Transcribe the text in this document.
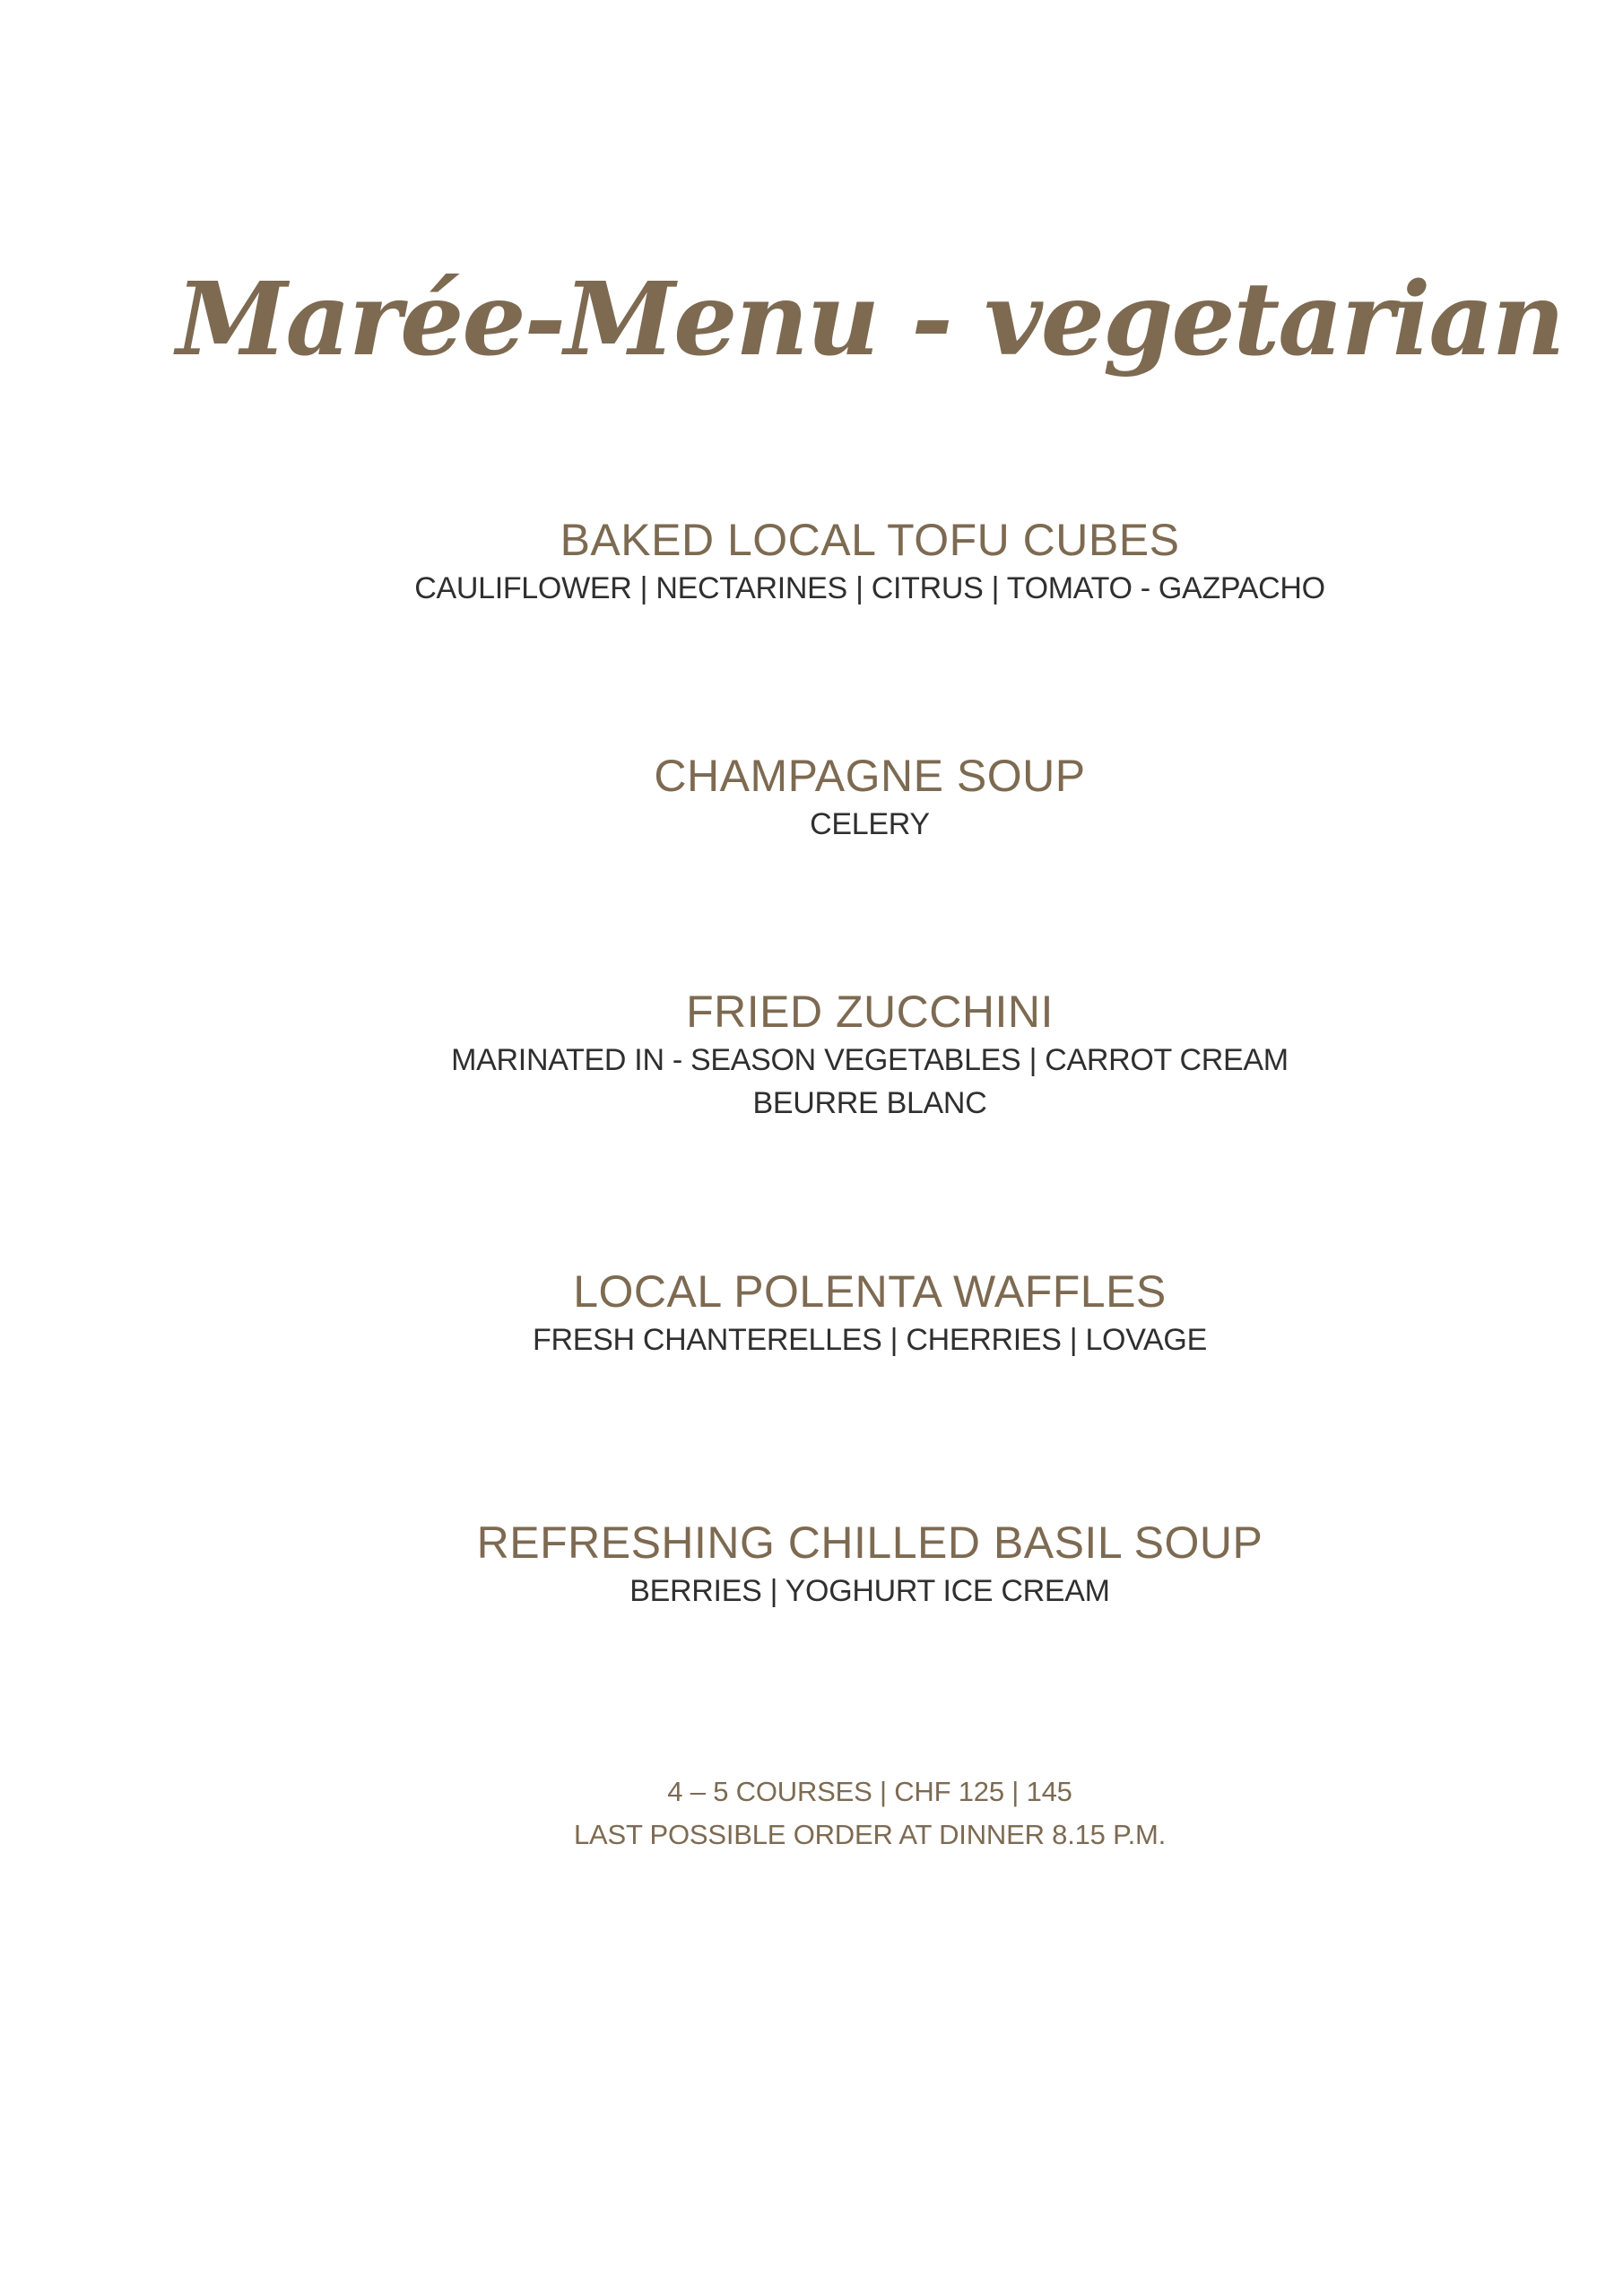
Marée-Menu - vegetarian

BAKED LOCAL TOFU CUBES

CAULIFLOWER | NECTARINES | CITRUS | TOMATO - GAZPACHO

CHAMPAGNE SOUP

CELERY

FRIED ZUCCHINI

MARINATED IN - SEASON VEGETABLES | CARROT CREAM

BEURRE BLANC

LOCAL POLENTA WAFFLES

FRESH CHANTERELLES | CHERRIES | LOVAGE

REFRESHING CHILLED BASIL SOUP

BERRIES | YOGHURT ICE CREAM

4 – 5 COURSES | CHF 125 | 145

LAST POSSIBLE ORDER AT DINNER 8.15 P.M.
